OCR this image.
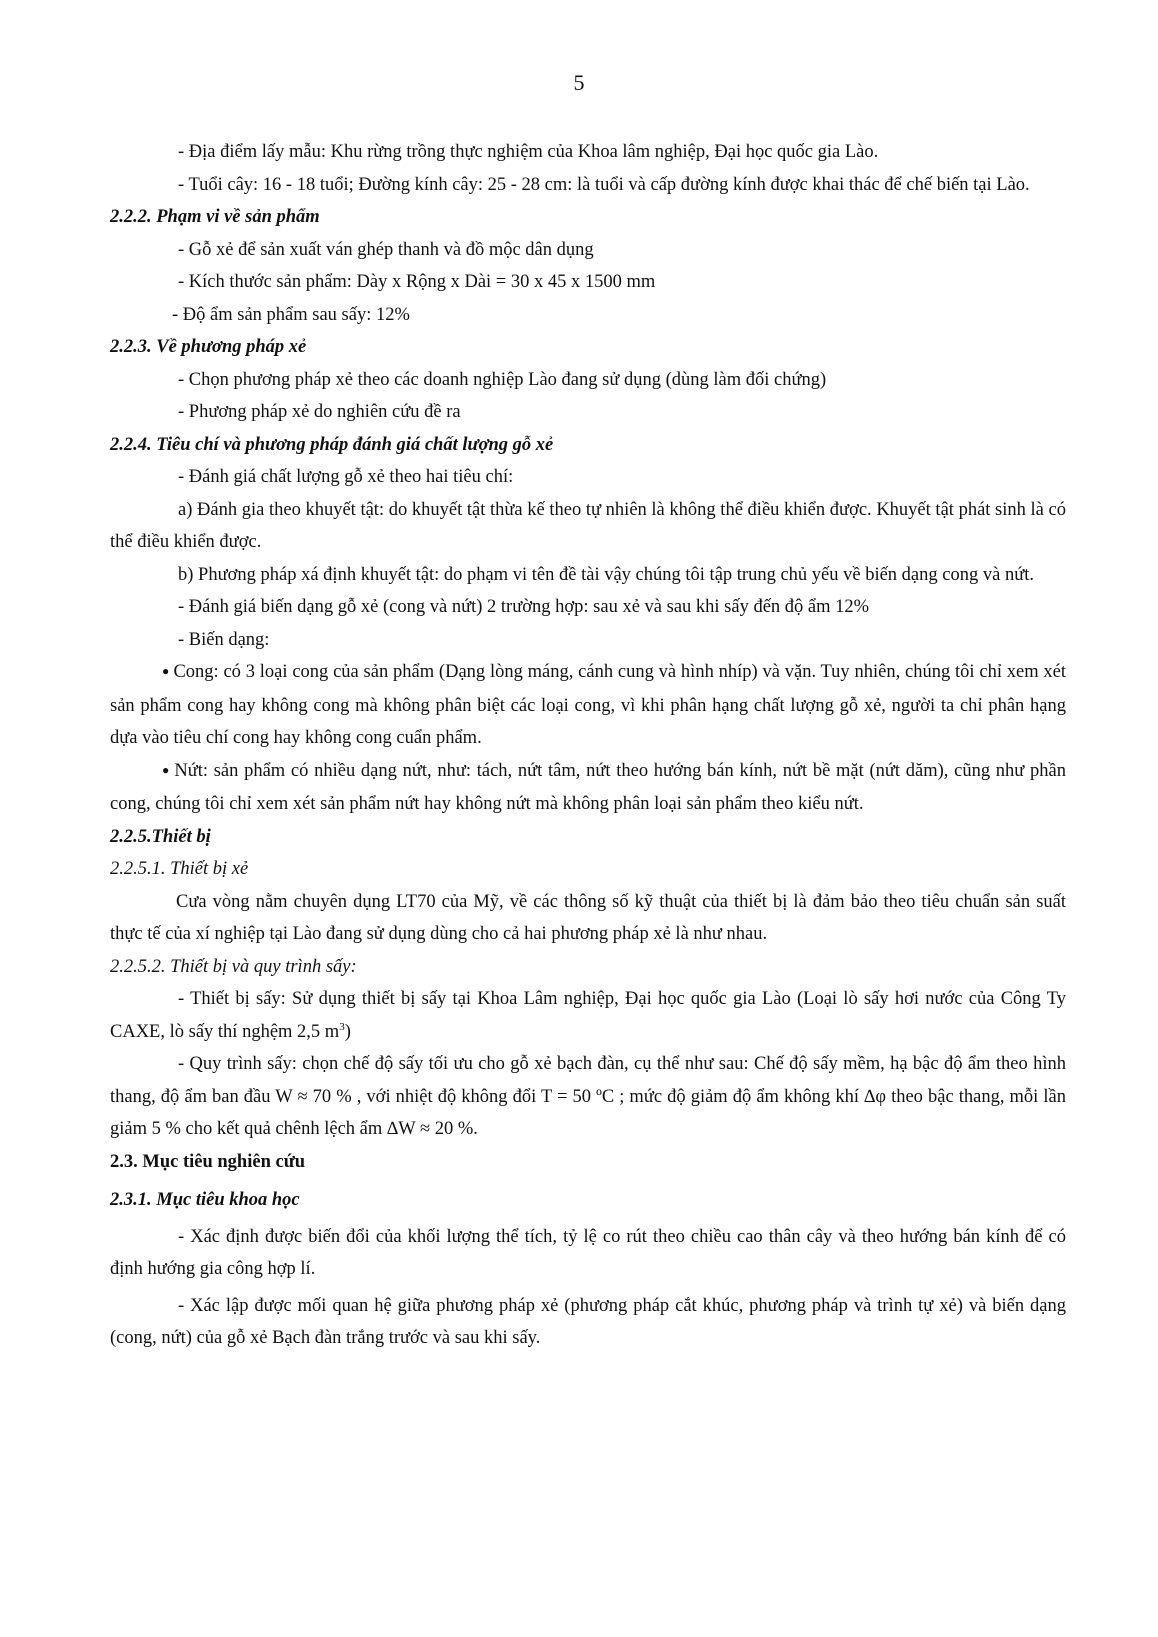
5

- Địa điểm lấy mẫu: Khu rừng trồng thực nghiệm của Khoa lâm nghiệp, Đại học quốc gia Lào.

- Tuổi cây: 16 - 18 tuổi; Đường kính cây: 25 - 28 cm: là tuổi và cấp đường kính được khai thác để chế biến tại Lào.

2.2.2. Phạm vi về sản phẩm

- Gỗ xẻ để sản xuất ván ghép thanh và đồ mộc dân dụng

- Kích thước sản phẩm: Dày x Rộng x Dài = 30 x 45 x 1500 mm

- Độ ẩm sản phẩm sau sấy: 12%

2.2.3. Về phương pháp xẻ

- Chọn phương pháp xẻ theo các doanh nghiệp Lào đang sử dụng (dùng làm đối chứng)

- Phương pháp xẻ do nghiên cứu đề ra

2.2.4. Tiêu chí và phương pháp đánh giá chất lượng gỗ xẻ

- Đánh giá chất lượng gỗ xẻ theo hai tiêu chí:

a) Đánh gia theo khuyết tật: do khuyết tật thừa kế theo tự nhiên là không thể điều khiển được. Khuyết tật phát sinh là có thể điều khiển được.

b) Phương pháp xá định khuyết tật: do phạm vi tên đề tài vậy chúng tôi tập trung chủ yếu về biến dạng cong và nứt.

- Đánh giá biến dạng gỗ xẻ (cong và nứt) 2 trường hợp: sau xẻ và sau khi sấy đến độ ẩm 12%

- Biến dạng:

● Cong: có 3 loại cong của sản phẩm (Dạng lòng máng, cánh cung và hình nhíp) và vặn. Tuy nhiên, chúng tôi chỉ xem xét sản phẩm cong hay không cong mà không phân biệt các loại cong, vì khi phân hạng chất lượng gỗ xẻ, người ta chỉ phân hạng dựa vào tiêu chí cong hay không cong cuẩn phẩm.

● Nứt: sản phẩm có nhiều dạng nứt, như: tách, nứt tâm, nứt theo hướng bán kính, nứt bề mặt (nứt dăm), cũng như phần cong, chúng tôi chỉ xem xét sản phẩm nứt hay không nứt mà không phân loại sản phẩm theo kiểu nứt.

2.2.5.Thiết bị

2.2.5.1. Thiết bị xẻ

Cưa vòng nằm chuyên dụng LT70 của Mỹ, về các thông số kỹ thuật của thiết bị là đảm bảo theo tiêu chuẩn sản suất thực tế của xí nghiệp tại Lào đang sử dụng dùng cho cả hai phương pháp xẻ là như nhau.

2.2.5.2. Thiết bị và quy trình sấy:

- Thiết bị sấy: Sử dụng thiết bị sấy tại Khoa Lâm nghiệp, Đại học quốc gia Lào (Loại lò sấy hơi nước của Công Ty CAXE, lò sấy thí nghệm 2,5 $m^3$)

- Quy trình sấy: chọn chế độ sấy tối ưu cho gỗ xẻ bạch đàn, cụ thể như sau: Chế độ sấy mềm, hạ bậc độ ẩm theo hình thang, độ ẩm ban đầu W ≈ 70 % , với nhiệt độ không đổi T = 50 ºC ; mức độ giảm độ ẩm không khí ∆φ theo bậc thang, mỗi lần giảm 5 % cho kết quả chênh lệch ẩm ∆W ≈ 20 %.

2.3. Mục tiêu nghiên cứu

2.3.1. Mục tiêu khoa học

- Xác định được biến đổi của khối lượng thể tích, tỷ lệ co rút theo chiều cao thân cây và theo hướng bán kính để có định hướng gia công hợp lí.

- Xác lập được mối quan hệ giữa phương pháp xẻ (phương pháp cắt khúc, phương pháp và trình tự xẻ) và biến dạng (cong, nứt) của gỗ xẻ Bạch đàn trắng trước và sau khi sấy.
